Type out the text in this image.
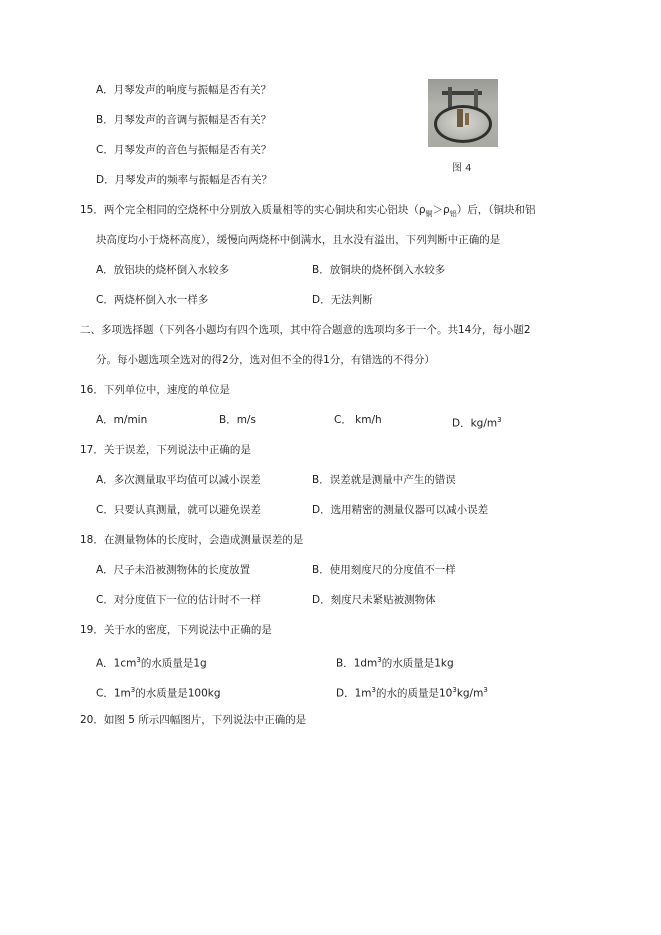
A．月琴发声的响度与振幅是否有关？
B．月琴发声的音调与振幅是否有关？
C．月琴发声的音色与振幅是否有关？
D．月琴发声的频率与振幅是否有关？
图 4
15．两个完全相同的空烧杯中分别放入质量相等的实心铜块和实心铝块$(\rho_铜>\rho_铝)$后，（铜块和铝
块高度均小于烧杯高度），缓慢向两烧杯中倒满水，且水没有溢出，下列判断中正确的是
A．放铝块的烧杯倒入水较多	B．放铜块的烧杯倒入水较多
C．两烧杯倒入水一样多	D．无法判断
二、多项选择题（下列各小题均有四个选项，其中符合题意的选项均多于一个。共14分，每小题2
分。每小题选项全选对的得2分，选对但不全的得1分，有错选的不得分）
16．下列单位中，速度的单位是
A．m/min	B．m/s	C． km/h	D．$kg/m^3$
17．关于误差，下列说法中正确的是
A．多次测量取平均值可以减小误差	B．误差就是测量中产生的错误
C．只要认真测量，就可以避免误差	D．选用精密的测量仪器可以减小误差
18．在测量物体的长度时，会造成测量误差的是
A．尺子未沿被测物体的长度放置	B．使用刻度尺的分度值不一样
C．对分度值下一位的估计时不一样	D．刻度尺未紧贴被测物体
19．关于水的密度，下列说法中正确的是
A．$1cm^3$的水质量是1g	B．$1dm^3$的水质量是1kg
C．$1m^3$的水质量是100kg	D．$1m^3$的水的质量是$10^3kg/m^3$
20．如图 5 所示四幅图片，下列说法中正确的是
